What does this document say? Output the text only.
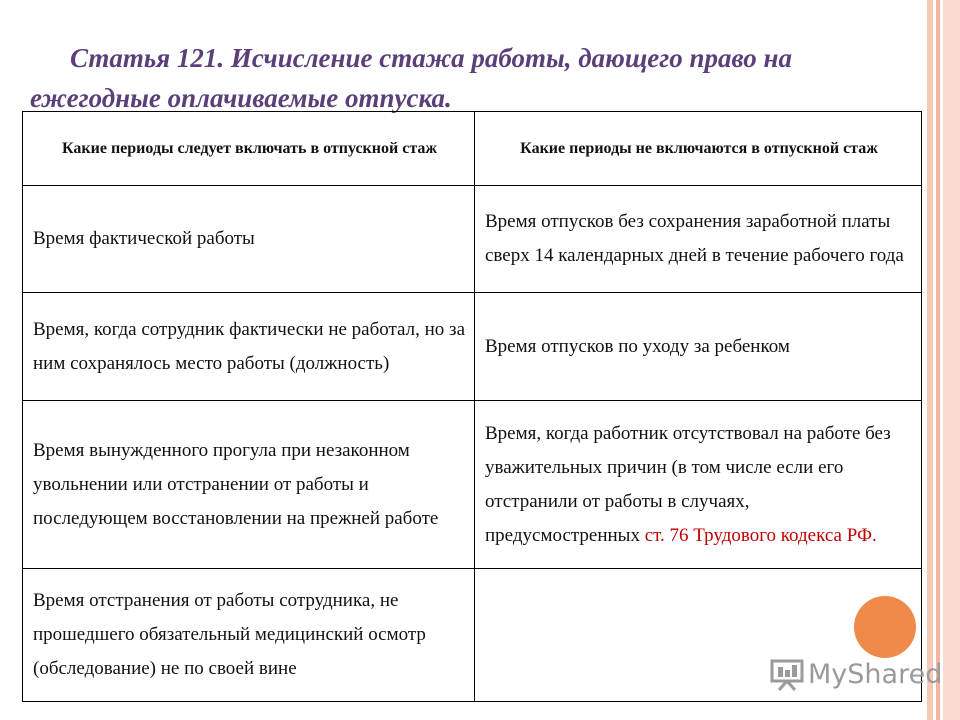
Статья 121. Исчисление стажа работы, дающего право на ежегодные оплачиваемые отпуска.
Какие периоды следует включать в отпускной стаж	Какие периоды не включаются в отпускной стаж
Время фактической работы	Время отпусков без сохранения заработной платы сверх 14 календарных дней в течение рабочего года
Время, когда сотрудник фактически не работал, но за ним сохранялось место работы (должность)	Время отпусков по уходу за ребенком
Время вынужденного прогула при незаконном увольнении или отстранении от работы и последующем восстановлении на прежней работе	Время, когда работник отсутствовал на работе без уважительных причин (в том числе если его отстранили от работы в случаях, предусмостренных ст. 76 Трудового кодекса РФ.
Время отстранения от работы сотрудника, не прошедшего обязательный медицинский осмотр (обследование) не по своей вине		MyShared
